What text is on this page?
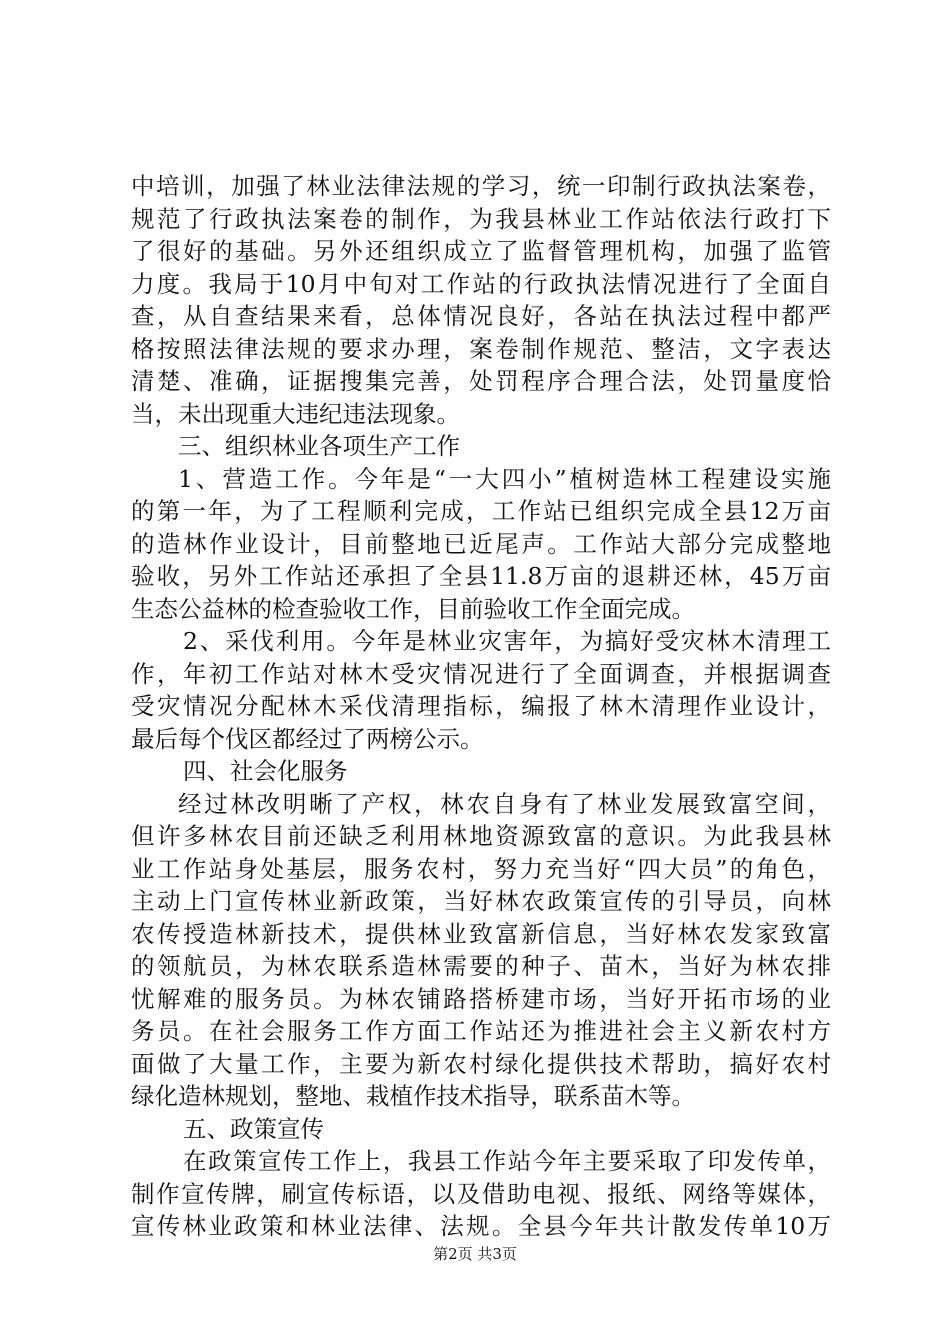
中培训，加强了林业法律法规的学习，统一印制行政执法案卷，
规范了行政执法案卷的制作，为我县林业工作站依法行政打下
了很好的基础。另外还组织成立了监督管理机构，加强了监管
力度。我局于10月中旬对工作站的行政执法情况进行了全面自
查，从自查结果来看，总体情况良好，各站在执法过程中都严
格按照法律法规的要求办理，案卷制作规范、整洁，文字表达
清楚、准确，证据搜集完善，处罚程序合理合法，处罚量度恰
当，未出现重大违纪违法现象。
三、组织林业各项生产工作
1、营造工作。今年是“一大四小”植树造林工程建设实施
的第一年，为了工程顺利完成，工作站已组织完成全县12万亩
的造林作业设计，目前整地已近尾声。工作站大部分完成整地
验收，另外工作站还承担了全县11.8万亩的退耕还林，45万亩
生态公益林的检查验收工作，目前验收工作全面完成。
2、采伐利用。今年是林业灾害年，为搞好受灾林木清理工
作，年初工作站对林木受灾情况进行了全面调查，并根据调查
受灾情况分配林木采伐清理指标，编报了林木清理作业设计，
最后每个伐区都经过了两榜公示。
四、社会化服务
经过林改明晰了产权，林农自身有了林业发展致富空间，
但许多林农目前还缺乏利用林地资源致富的意识。为此我县林
业工作站身处基层，服务农村，努力充当好“四大员”的角色，
主动上门宣传林业新政策，当好林农政策宣传的引导员，向林
农传授造林新技术，提供林业致富新信息，当好林农发家致富
的领航员，为林农联系造林需要的种子、苗木，当好为林农排
忧解难的服务员。为林农铺路搭桥建市场，当好开拓市场的业
务员。在社会服务工作方面工作站还为推进社会主义新农村方
面做了大量工作，主要为新农村绿化提供技术帮助，搞好农村
绿化造林规划，整地、栽植作技术指导，联系苗木等。
五、政策宣传
在政策宣传工作上，我县工作站今年主要采取了印发传单，
制作宣传牌，刷宣传标语，以及借助电视、报纸、网络等媒体，
宣传林业政策和林业法律、法规。全县今年共计散发传单10万
第2页 共3页
